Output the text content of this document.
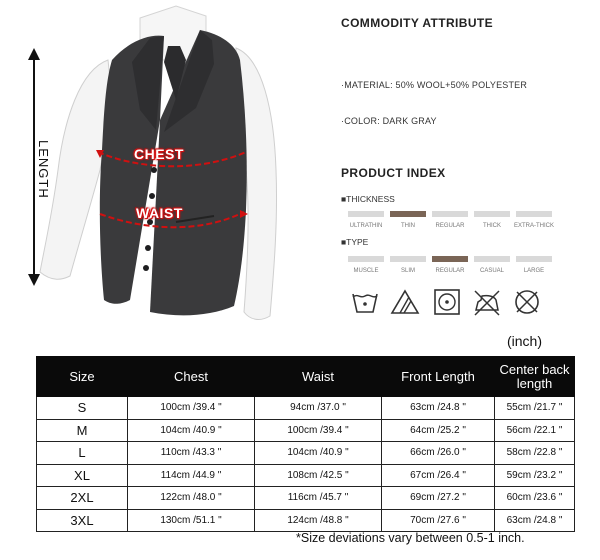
LENGTH	CHEST
WAIST
COMMODITY ATTRIBUTE
·MATERIAL: 50% WOOL+50% POLYESTER
·COLOR: DARK GRAY
PRODUCT INDEX
■THICKNESS
ULTRATHIN	THIN	REGULAR	THICK	EXTRA-THICK
■TYPE
MUSCLE	SLIM	REGULAR	CASUAL	LARGE
(inch)
Size	Chest	Waist	Front Length	Center back length
S	100cm /39.4 "	94cm /37.0 "	63cm /24.8 "	55cm /21.7 "
M	104cm /40.9 "	100cm /39.4 "	64cm /25.2 "	56cm /22.1 "
L	110cm /43.3 "	104cm /40.9 "	66cm /26.0 "	58cm /22.8 "
XL	114cm /44.9 "	108cm /42.5 "	67cm /26.4 "	59cm /23.2 "
2XL	122cm /48.0 "	116cm /45.7 "	69cm /27.2 "	60cm /23.6 "
3XL	130cm /51.1 "	124cm /48.8 "	70cm /27.6 "	63cm /24.8 "
*Size deviations vary between 0.5-1 inch.
